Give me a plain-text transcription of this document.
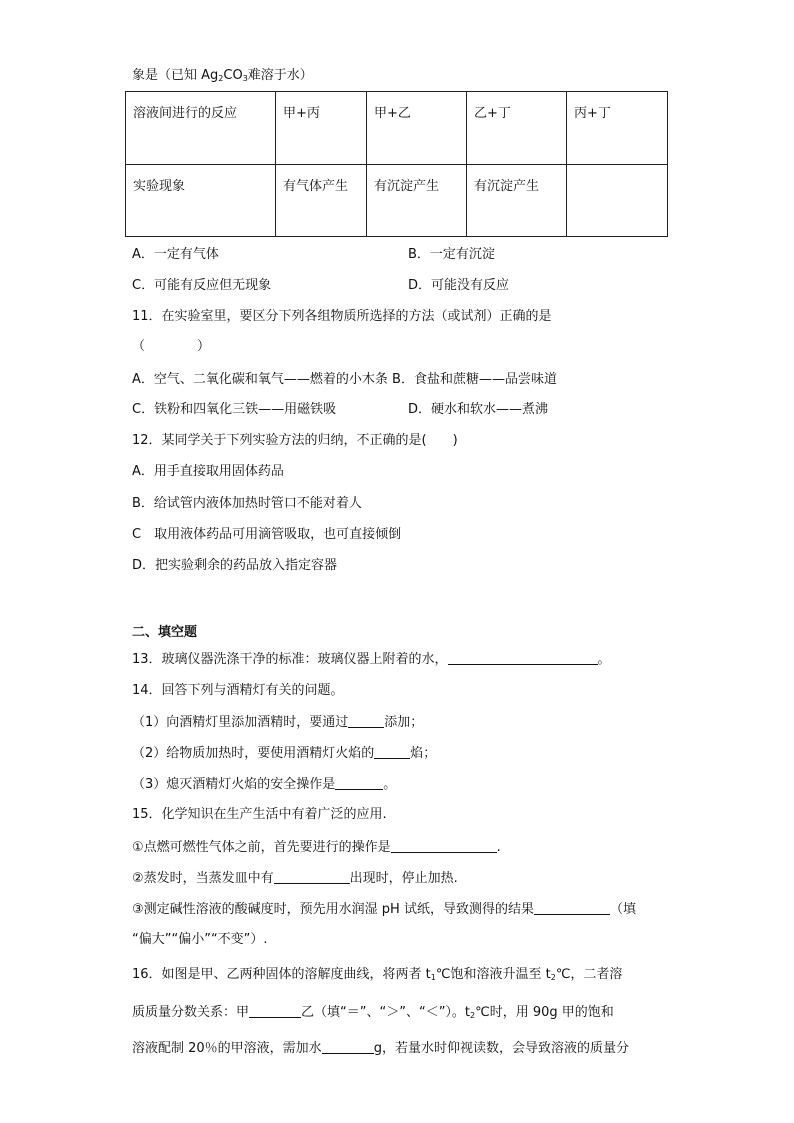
象是（已知 $Ag_2CO_3$难溶于水）
溶液间进行的反应	甲+丙	甲+乙	乙+丁	丙+丁
实验现象	有气体产生	有沉淀产生	有沉淀产生	
A．一定有气体	B．一定有沉淀
C．可能有反应但无现象	D．可能没有反应
11．在实验室里，要区分下列各组物质所选择的方法（或试剂）正确的是
（　　　　）
A．空气、二氧化碳和氧气——燃着的小木条 B．食盐和蔗糖——品尝味道
C．铁粉和四氧化三铁——用磁铁吸	D．硬水和软水——煮沸
12．某同学关于下列实验方法的归纳，不正确的是(　　)
A．用手直接取用固体药品
B．给试管内液体加热时管口不能对着人
C　取用液体药品可用滴管吸取，也可直接倾倒
D．把实验剩余的药品放入指定容器
二、填空题
13．玻璃仪器洗涤干净的标准：玻璃仪器上附着的水，	。
14．回答下列与酒精灯有关的问题。
（1）向酒精灯里添加酒精时，要通过	添加；
（2）给物质加热时，要使用酒精灯火焰的	焰；
（3）熄灭酒精灯火焰的安全操作是	。
15．化学知识在生产生活中有着广泛的应用.
①点燃可燃性气体之前，首先要进行的操作是	.
②蒸发时，当蒸发皿中有	出现时，停止加热.
③测定碱性溶液的酸碱度时，预先用水润湿 pH 试纸，导致测得的结果	（填
“偏大”“偏小”“不变”）.
16．如图是甲、乙两种固体的溶解度曲线，将两者 $t_1℃$饱和溶液升温至 $t_2℃$，二者溶
质质量分数关系：甲	乙（填“＝”、“＞”、“＜”）。$t_2℃$时，用 90g 甲的饱和
溶液配制 20％的甲溶液，需加水	g，若量水时仰视读数，会导致溶液的质量分
